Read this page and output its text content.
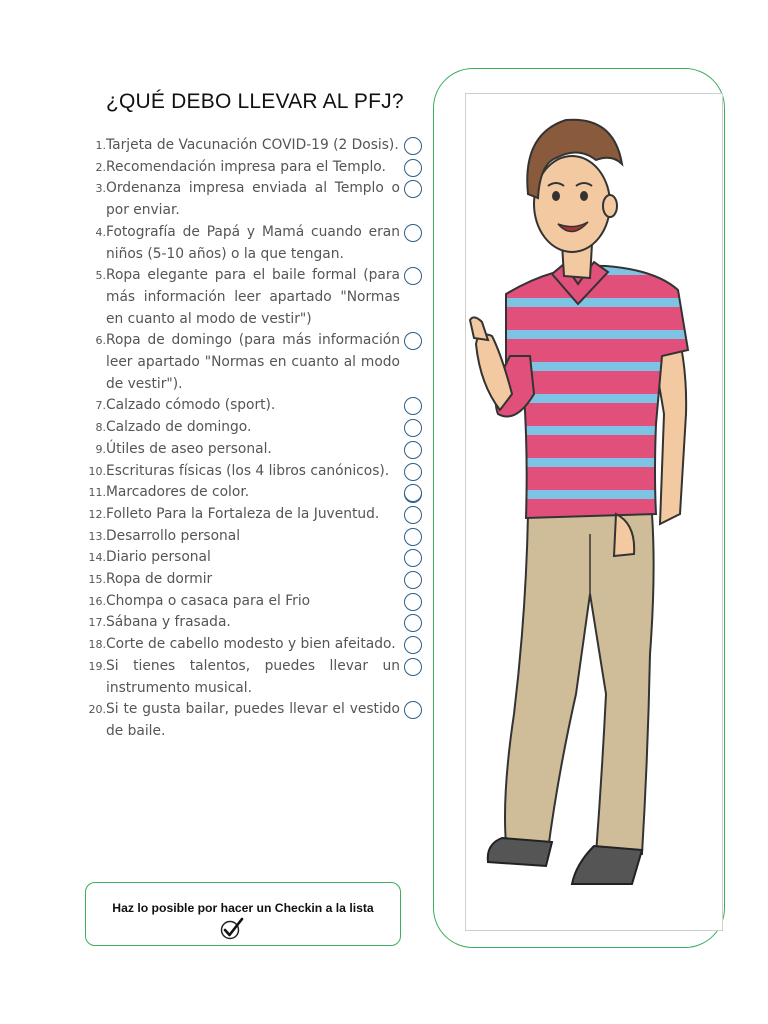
¿QUÉ DEBO LLEVAR AL PFJ?
1. Tarjeta de Vacunación COVID-19 (2 Dosis).
2. Recomendación impresa para el Templo.
3. Ordenanza impresa enviada al Templo o por enviar.
4. Fotografía de Papá y Mamá cuando eran niños (5-10 años) o la que tengan.
5. Ropa elegante para el baile formal (para más información leer apartado "Normas en cuanto al modo de vestir")
6. Ropa de domingo (para más información leer apartado "Normas en cuanto al modo de vestir").
7. Calzado cómodo (sport).
8. Calzado de domingo.
9. Útiles de aseo personal.
10. Escrituras físicas (los 4 libros canónicos).
11. Marcadores de color.
12. Folleto Para la Fortaleza de la Juventud.
13. Desarrollo personal
14. Diario personal
15. Ropa de dormir
16. Chompa o casaca para el Frio
17. Sábana y frasada.
18. Corte de cabello modesto y bien afeitado.
19. Si tienes talentos, puedes llevar un instrumento musical.
20. Si te gusta bailar, puedes llevar el vestido de baile.
Haz lo posible por hacer un Checkin a la lista
